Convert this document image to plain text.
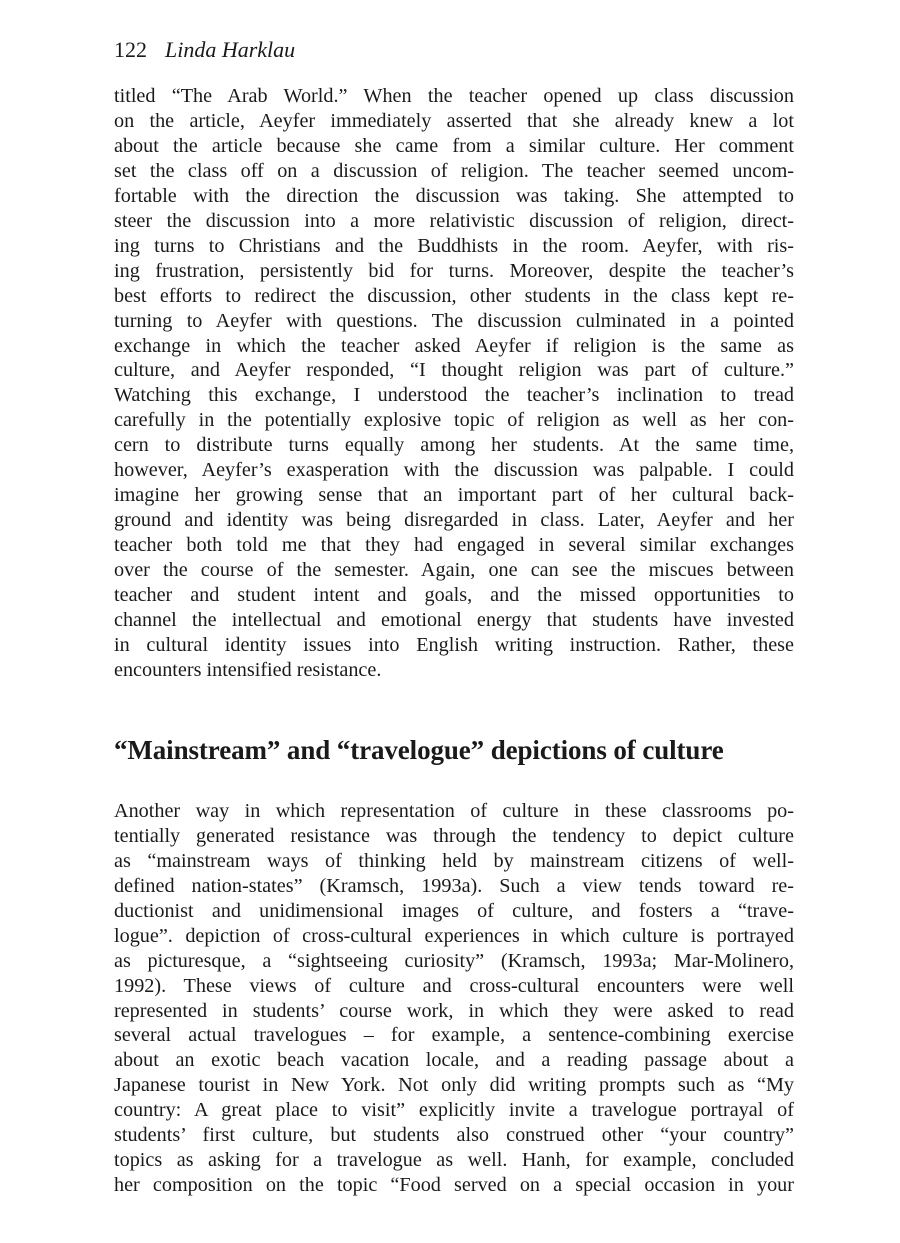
122 Linda Harklau
titled “The Arab World.” When the teacher opened up class discussion
on the article, Aeyfer immediately asserted that she already knew a lot
about the article because she came from a similar culture. Her comment
set the class off on a discussion of religion. The teacher seemed uncom-
fortable with the direction the discussion was taking. She attempted to
steer the discussion into a more relativistic discussion of religion, direct-
ing turns to Christians and the Buddhists in the room. Aeyfer, with ris-
ing frustration, persistently bid for turns. Moreover, despite the teacher’s
best efforts to redirect the discussion, other students in the class kept re-
turning to Aeyfer with questions. The discussion culminated in a pointed
exchange in which the teacher asked Aeyfer if religion is the same as
culture, and Aeyfer responded, “I thought religion was part of culture.”
Watching this exchange, I understood the teacher’s inclination to tread
carefully in the potentially explosive topic of religion as well as her con-
cern to distribute turns equally among her students. At the same time,
however, Aeyfer’s exasperation with the discussion was palpable. I could
imagine her growing sense that an important part of her cultural back-
ground and identity was being disregarded in class. Later, Aeyfer and her
teacher both told me that they had engaged in several similar exchanges
over the course of the semester. Again, one can see the miscues between
teacher and student intent and goals, and the missed opportunities to
channel the intellectual and emotional energy that students have invested
in cultural identity issues into English writing instruction. Rather, these
encounters intensified resistance.
“Mainstream” and “travelogue” depictions of culture
Another way in which representation of culture in these classrooms po-
tentially generated resistance was through the tendency to depict culture
as “mainstream ways of thinking held by mainstream citizens of well-
defined nation-states” (Kramsch, 1993a). Such a view tends toward re-
ductionist and unidimensional images of culture, and fosters a “trave-
logue”. depiction of cross-cultural experiences in which culture is portrayed
as picturesque, a “sightseeing curiosity” (Kramsch, 1993a; Mar-Molinero,
1992). These views of culture and cross-cultural encounters were well
represented in students’ course work, in which they were asked to read
several actual travelogues – for example, a sentence-combining exercise
about an exotic beach vacation locale, and a reading passage about a
Japanese tourist in New York. Not only did writing prompts such as “My
country: A great place to visit” explicitly invite a travelogue portrayal of
students’ first culture, but students also construed other “your country”
topics as asking for a travelogue as well. Hanh, for example, concluded
her composition on the topic “Food served on a special occasion in your
